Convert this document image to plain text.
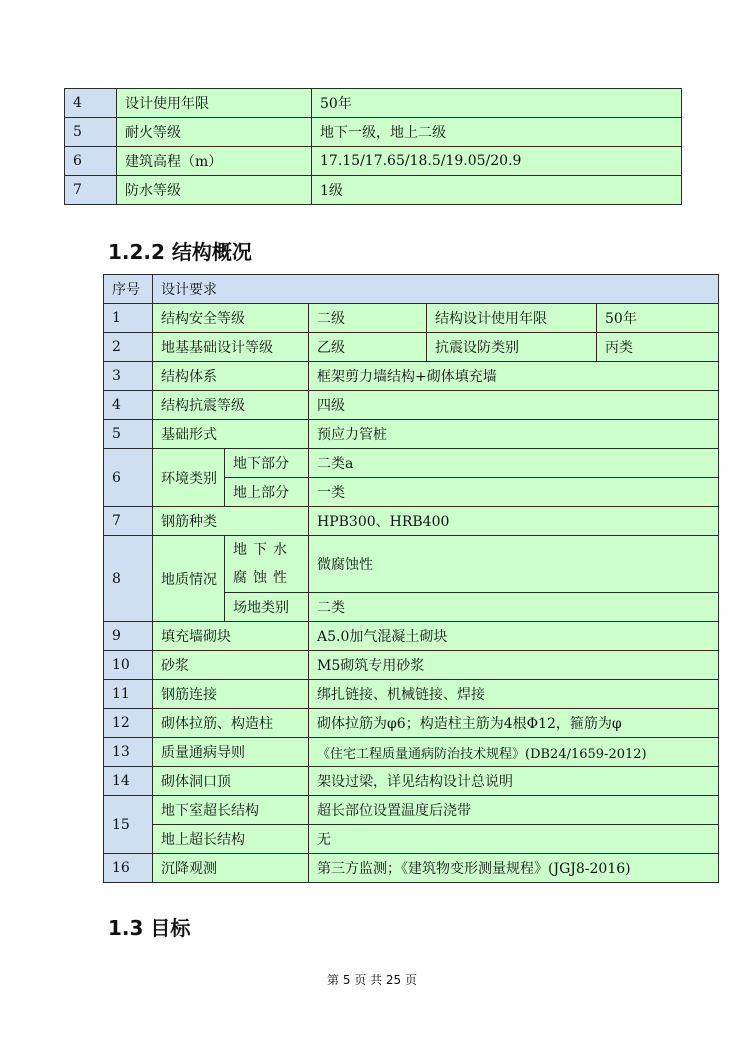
4	设计使用年限	50年
5	耐火等级	地下一级，地上二级
6	建筑高程（m）	17.15/17.65/18.5/19.05/20.9
7	防水等级	1级
1.2.2 结构概况
序号	设计要求				
1	结构安全等级		二级	结构设计使用年限	50年
2	地基基础设计等级		乙级	抗震设防类别	丙类
3	结构体系		框架剪力墙结构+砌体填充墙		
4	结构抗震等级		四级		
5	基础形式		预应力管桩		
6	环境类别	地下部分	二类a		
		地上部分	一类		
7	钢筋种类		HPB300、HRB400		
8	地质情况	地下水腐蚀性	微腐蚀性		
		场地类别	二类		
9	填充墙砌块		A5.0加气混凝土砌块		
10	砂浆		M5砌筑专用砂浆		
11	钢筋连接		绑扎链接、机械链接、焊接		
12	砌体拉筋、构造柱		砌体拉筋为φ6；构造柱主筋为4根Φ12，箍筋为φ		
13	质量通病导则		《住宅工程质量通病防治技术规程》(DB24/1659-2012)		
14	砌体洞口顶		架设过梁，详见结构设计总说明		
15	地下室超长结构		超长部位设置温度后浇带		
	地上超长结构		无		
16	沉降观测		第三方监测；《建筑物变形测量规程》(JGJ8-2016)		
1.3 目标
第 5 页 共 25 页
